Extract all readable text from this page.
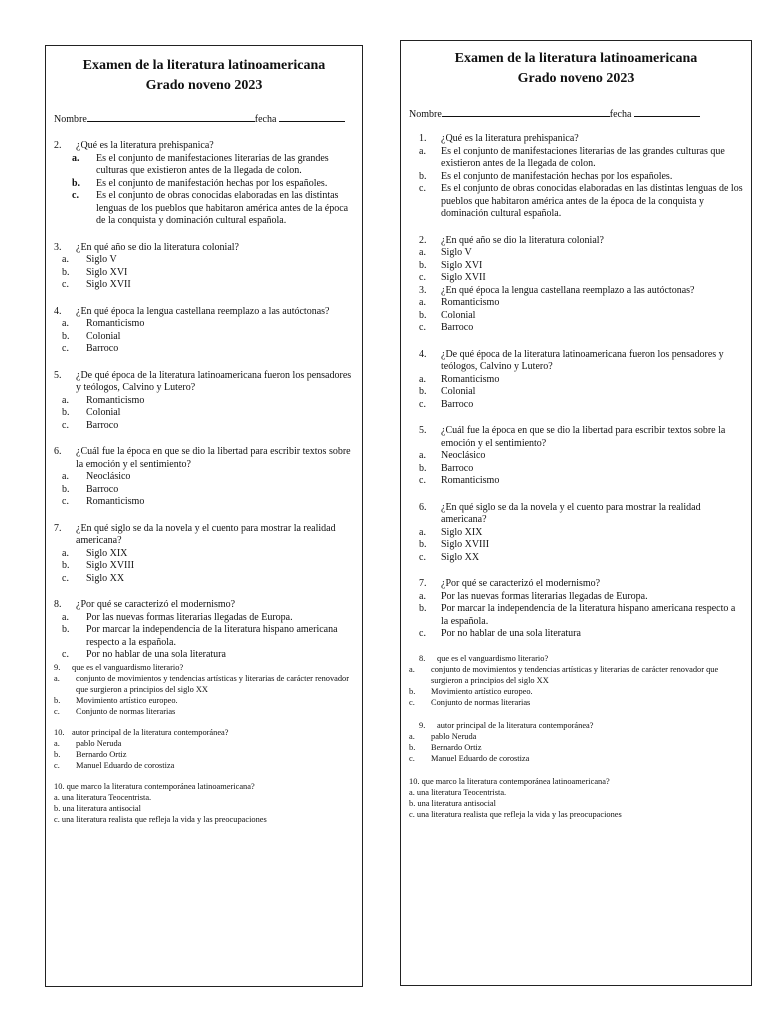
Examen de la literatura latinoamericana
Grado noveno 2023
Nombre	fecha
2.	¿Qué es la literatura prehispanica?
a.	Es el conjunto de manifestaciones literarias de las grandes culturas que existieron antes de la llegada de colon.
b.	Es el conjunto de manifestación hechas por los españoles.
c.	Es el conjunto de obras conocidas elaboradas en las distintas lenguas de los pueblos que habitaron américa antes de la época de la conquista y dominación cultural española.
3.	¿En qué año se dio la literatura colonial?
a.	Siglo V
b.	Siglo XVI
c.	Siglo XVII
4.	¿En qué época la lengua castellana reemplazo a las autóctonas?
a.	Romanticismo
b.	Colonial
c.	Barroco
5.	¿De qué época de la literatura latinoamericana fueron los pensadores y teólogos, Calvino y Lutero?
a.	Romanticismo
b.	Colonial
c.	Barroco
6.	¿Cuál fue la época en que se dio la libertad para escribir textos sobre la emoción y el sentimiento?
a.	Neoclásico
b.	Barroco
c.	Romanticismo
7.	¿En qué siglo se da la novela y el cuento para mostrar la realidad americana?
a.	Siglo XIX
b.	Siglo XVIII
c.	Siglo XX
8.	¿Por qué se caracterizó el modernismo?
a.	Por las nuevas formas literarias llegadas de Europa.
b.	Por marcar la independencia de la literatura hispano americana respecto a la española.
c.	Por no hablar de una sola literatura
9.	que es el vanguardismo literario?
a.	conjunto de movimientos y tendencias artísticas y literarias de carácter renovador que surgieron a principios del siglo XX
b.	Movimiento artístico europeo.
c.	Conjunto de normas literarias
10. autor principal de la literatura contemporánea?
a.	pablo Neruda
b.	Bernardo Ortiz
c.	Manuel Eduardo de corostiza
10. que marco la literatura contemporánea latinoamericana?
a. una literatura Teocentrista.
b. una literatura antisocial
c. una literatura realista que refleja la vida y las preocupaciones
Examen de la literatura latinoamericana
Grado noveno 2023
Nombre	fecha
1.	¿Qué es la literatura prehispanica?
a.	Es el conjunto de manifestaciones literarias de las grandes culturas que existieron antes de la llegada de colon.
b.	Es el conjunto de manifestación hechas por los españoles.
c.	Es el conjunto de obras conocidas elaboradas en las distintas lenguas de los pueblos que habitaron américa antes de la época de la conquista y dominación cultural española.
2.	¿En qué año se dio la literatura colonial?
a.	Siglo V
b.	Siglo XVI
c.	Siglo XVII
3.	¿En qué época la lengua castellana reemplazo a las autóctonas?
a.	Romanticismo
b.	Colonial
c.	Barroco
4.	¿De qué época de la literatura latinoamericana fueron los pensadores y teólogos, Calvino y Lutero?
a.	Romanticismo
b.	Colonial
c.	Barroco
5.	¿Cuál fue la época en que se dio la libertad para escribir textos sobre la emoción y el sentimiento?
a.	Neoclásico
b.	Barroco
c.	Romanticismo
6.	¿En qué siglo se da la novela y el cuento para mostrar la realidad americana?
a.	Siglo XIX
b.	Siglo XVIII
c.	Siglo XX
7.	¿Por qué se caracterizó el modernismo?
a.	Por las nuevas formas literarias llegadas de Europa.
b.	Por marcar la independencia de la literatura hispano americana respecto a la española.
c.	Por no hablar de una sola literatura
8.	que es el vanguardismo literario?
a.	conjunto de movimientos y tendencias artísticas y literarias de carácter renovador que surgieron a principios del siglo XX
b.	Movimiento artístico europeo.
c.	Conjunto de normas literarias
9.	autor principal de la literatura contemporánea?
a.	pablo Neruda
b.	Bernardo Ortiz
c.	Manuel Eduardo de corostiza
10. que marco la literatura contemporánea latinoamericana?
a. una literatura Teocentrista.
b. una literatura antisocial
c. una literatura realista que refleja la vida y las preocupaciones
